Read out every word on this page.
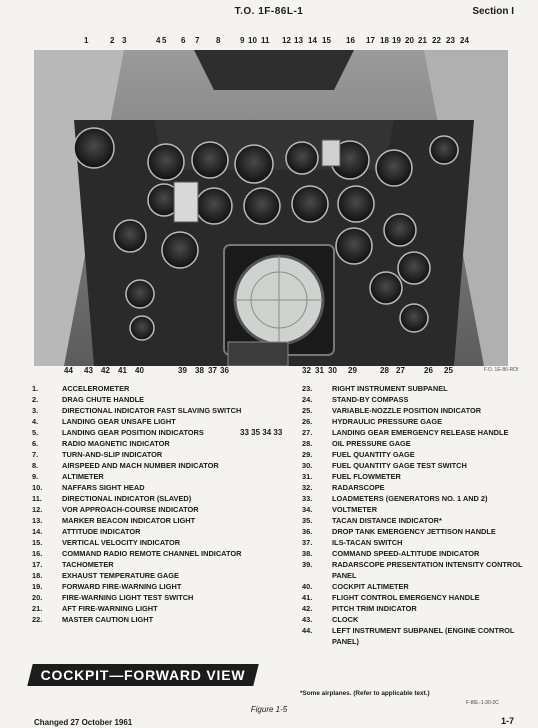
T.O. 1F-86L-1	Section I
1	2 3	4 5 6 7 8 9 10 11 12 13 14 15 16 17 18 19 20 21 22 23 24
44 43 42 41 40	39 38 37 36	32 31 30 29	28 27 26 25
33 35 34 33
F.O. 1E-86-ROI
1.	ACCELEROMETER
2.	DRAG CHUTE HANDLE
3.	DIRECTIONAL INDICATOR FAST SLAVING SWITCH
4.	LANDING GEAR UNSAFE LIGHT
5.	LANDING GEAR POSITION INDICATORS
6.	RADIO MAGNETIC INDICATOR
7.	TURN-AND-SLIP INDICATOR
8.	AIRSPEED AND MACH NUMBER INDICATOR
9.	ALTIMETER
10.	NAFFARS SIGHT HEAD
11.	DIRECTIONAL INDICATOR (SLAVED)
12.	VOR APPROACH-COURSE INDICATOR
13.	MARKER BEACON INDICATOR LIGHT
14.	ATTITUDE INDICATOR
15.	VERTICAL VELOCITY INDICATOR
16.	COMMAND RADIO REMOTE CHANNEL INDICATOR
17.	TACHOMETER
18.	EXHAUST TEMPERATURE GAGE
19.	FORWARD FIRE-WARNING LIGHT
20.	FIRE-WARNING LIGHT TEST SWITCH
21.	AFT FIRE-WARNING LIGHT
22.	MASTER CAUTION LIGHT
23.	RIGHT INSTRUMENT SUBPANEL
24.	STAND-BY COMPASS
25.	VARIABLE-NOZZLE POSITION INDICATOR
26.	HYDRAULIC PRESSURE GAGE
27.	LANDING GEAR EMERGENCY RELEASE HANDLE
28.	OIL PRESSURE GAGE
29.	FUEL QUANTITY GAGE
30.	FUEL QUANTITY GAGE TEST SWITCH
31.	FUEL FLOWMETER
32.	RADARSCOPE
33.	LOADMETERS (GENERATORS NO. 1 AND 2)
34.	VOLTMETER
35.	TACAN DISTANCE INDICATOR*
36.	DROP TANK EMERGENCY JETTISON HANDLE
37.	ILS-TACAN SWITCH
38.	COMMAND SPEED-ALTITUDE INDICATOR
39.	RADARSCOPE PRESENTATION INTENSITY CONTROL PANEL
40.	COCKPIT ALTIMETER
41.	FLIGHT CONTROL EMERGENCY HANDLE
42.	PITCH TRIM INDICATOR
43.	CLOCK
44.	LEFT INSTRUMENT SUBPANEL (ENGINE CONTROL PANEL)
COCKPIT—FORWARD VIEW
*Some airplanes. (Refer to applicable text.)
F-86L-1-30-2C
Figure 1-5
Changed 27 October 1961	1-7
